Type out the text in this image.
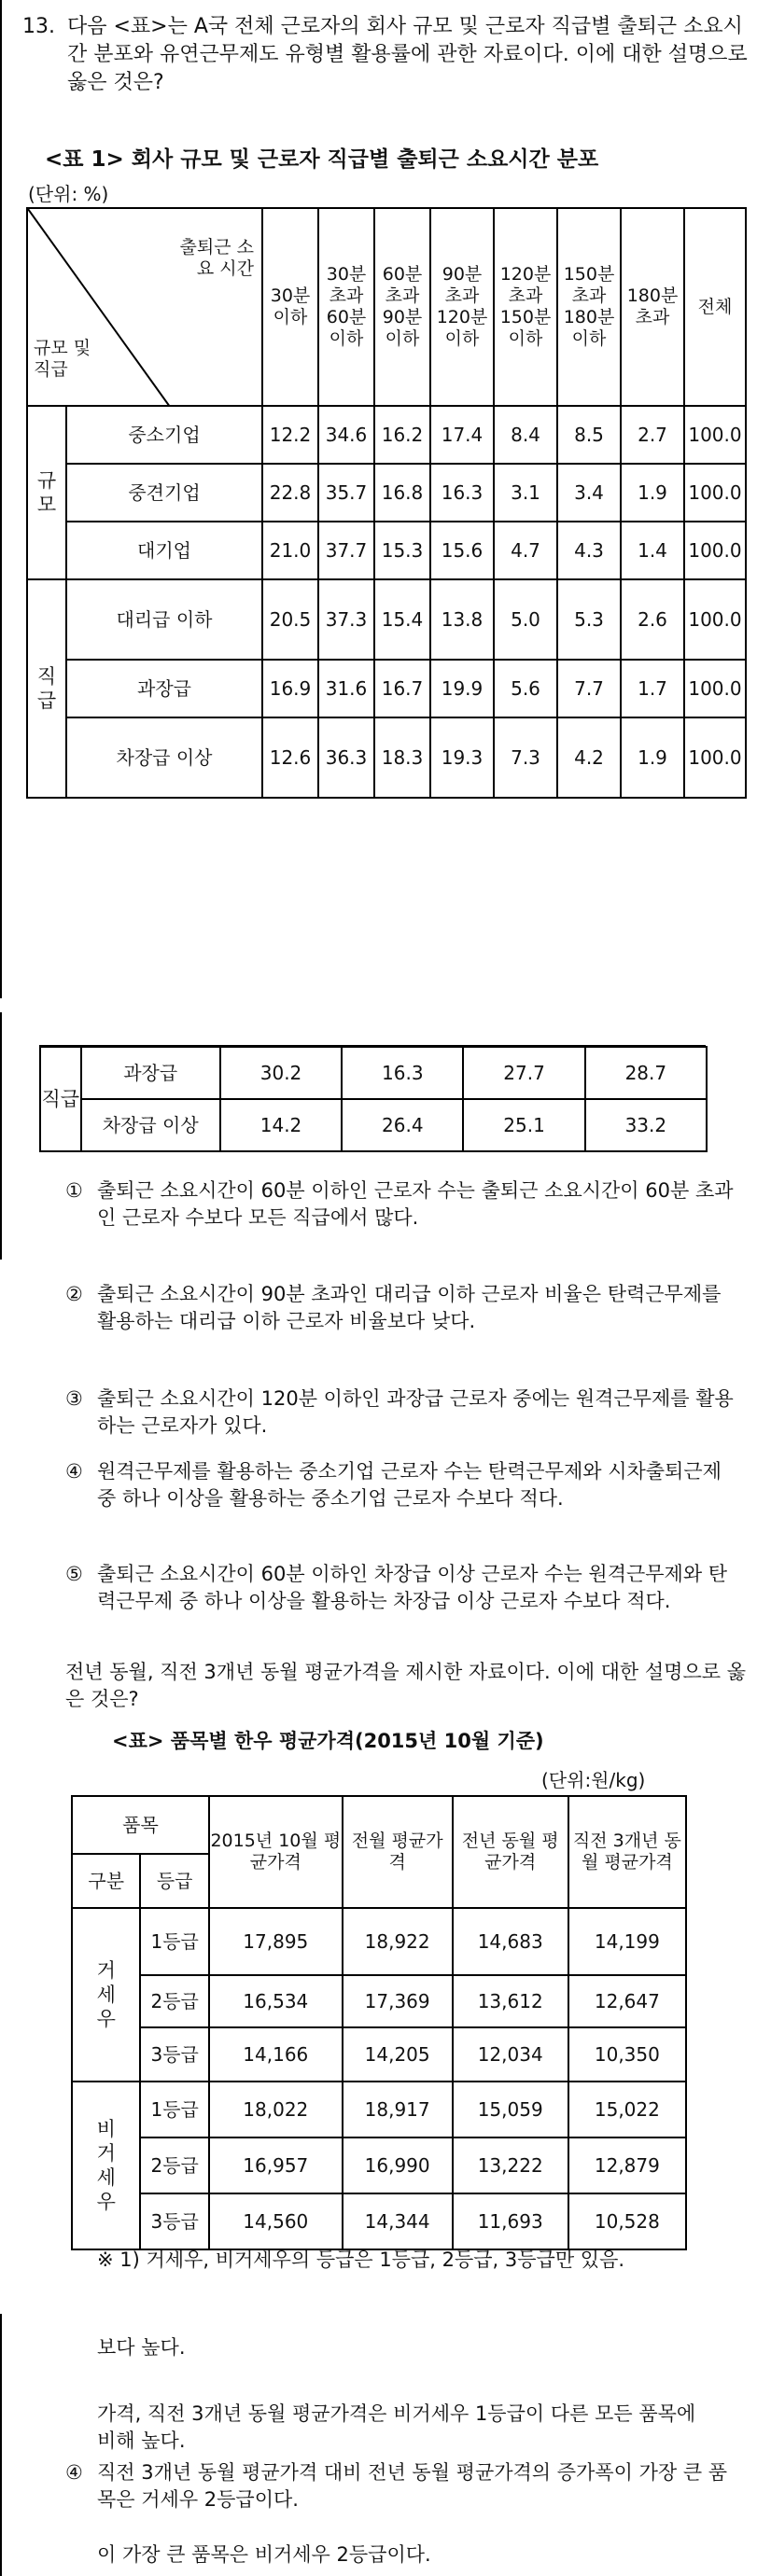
13. 다음 <표>는 A국 전체 근로자의 회사 규모 및 근로자 직급별 출퇴근 소요시간 분포와 유연근무제도 유형별 활용률에 관한 자료이다. 이에 대한 설명으로 옳은 것은?
<표 1> 회사 규모 및 근로자 직급별 출퇴근 소요시간 분포
(단위: %)
출퇴근 소요 시간
규모 및 직급		30분 이하	30분 초과 60분 이하	60분 초과 90분 이하	90분 초과 120분 이하	120분 초과 150분 이하	150분 초과 180분 이하	180분 초과	전체
규모	중소기업	12.2	34.6	16.2	17.4	8.4	8.5	2.7	100.0
	중견기업	22.8	35.7	16.8	16.3	3.1	3.4	1.9	100.0
	대기업	21.0	37.7	15.3	15.6	4.7	4.3	1.4	100.0
직급	대리급 이하	20.5	37.3	15.4	13.8	5.0	5.3	2.6	100.0
	과장급	16.9	31.6	16.7	19.9	5.6	7.7	1.7	100.0
	차장급 이상	12.6	36.3	18.3	19.3	7.3	4.2	1.9	100.0
직급	과장급	30.2	16.3	27.7	28.7
	차장급 이상	14.2	26.4	25.1	33.2
① 출퇴근 소요시간이 60분 이하인 근로자 수는 출퇴근 소요시간이 60분 초과인 근로자 수보다 모든 직급에서 많다.
② 출퇴근 소요시간이 90분 초과인 대리급 이하 근로자 비율은 탄력근무제를 활용하는 대리급 이하 근로자 비율보다 낮다.
③ 출퇴근 소요시간이 120분 이하인 과장급 근로자 중에는 원격근무제를 활용하는 근로자가 있다.
④ 원격근무제를 활용하는 중소기업 근로자 수는 탄력근무제와 시차출퇴근제 중 하나 이상을 활용하는 중소기업 근로자 수보다 적다.
⑤ 출퇴근 소요시간이 60분 이하인 차장급 이상 근로자 수는 원격근무제와 탄력근무제 중 하나 이상을 활용하는 차장급 이상 근로자 수보다 적다.
전년 동월, 직전 3개년 동월 평균가격을 제시한 자료이다. 이에 대한 설명으로 옳은 것은?
<표> 품목별 한우 평균가격(2015년 10월 기준)
(단위:원/kg)
품목		2015년 10월 평균가격	전월 평균가격	전년 동월 평균가격	직전 3개년 동월 평균가격
구분	등급				
거세우	1등급	17,895	18,922	14,683	14,199
	2등급	16,534	17,369	13,612	12,647
	3등급	14,166	14,205	12,034	10,350
비거세우	1등급	18,022	18,917	15,059	15,022
	2등급	16,957	16,990	13,222	12,879
	3등급	14,560	14,344	11,693	10,528
※ 1) 거세우, 비거세우의 등급은 1등급, 2등급, 3등급만 있음.
보다 높다.
가격, 직전 3개년 동월 평균가격은 비거세우 1등급이 다른 모든 품목에 비해 높다.
④ 직전 3개년 동월 평균가격 대비 전년 동월 평균가격의 증가폭이 가장 큰 품목은 거세우 2등급이다.
이 가장 큰 품목은 비거세우 2등급이다.
